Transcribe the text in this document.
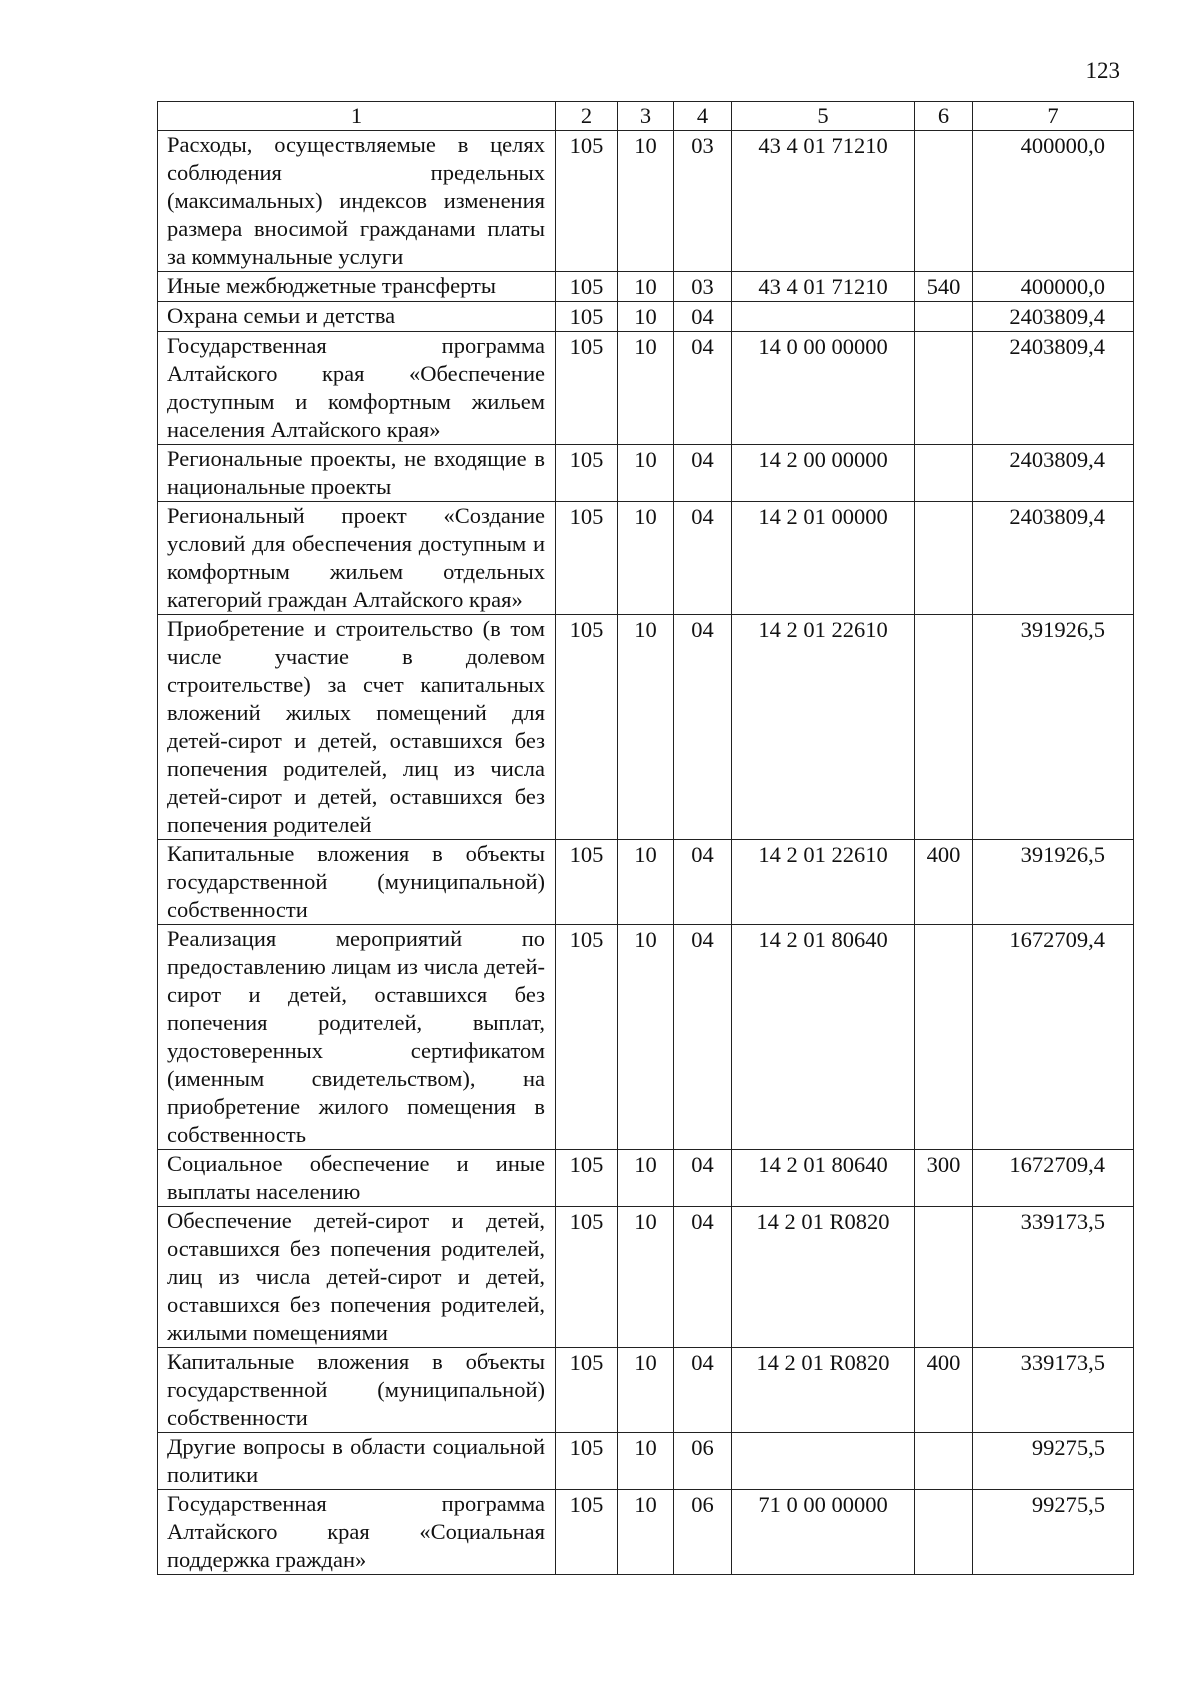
123
1	2	3	4	5	6	7
Расходы, осуществляемые в целях соблюдения предельных (максимальных) индексов изменения размера вносимой гражданами платы за коммунальные услуги	105	10	03	43 4 01 71210		400000,0
Иные межбюджетные трансферты	105	10	03	43 4 01 71210	540	400000,0
Охрана семьи и детства	105	10	04			2403809,4
Государственная программа Алтайского края «Обеспечение доступным и комфортным жильем населения Алтайского края»	105	10	04	14 0 00 00000		2403809,4
Региональные проекты, не входящие в национальные проекты	105	10	04	14 2 00 00000		2403809,4
Региональный проект «Создание условий для обеспечения доступным и комфортным жильем отдельных категорий граждан Алтайского края»	105	10	04	14 2 01 00000		2403809,4
Приобретение и строительство (в том числе участие в долевом строительстве) за счет капитальных вложений жилых помещений для детей-сирот и детей, оставшихся без попечения родителей, лиц из числа детей-сирот и детей, оставшихся без попечения родителей	105	10	04	14 2 01 22610		391926,5
Капитальные вложения в объекты государственной (муниципальной) собственности	105	10	04	14 2 01 22610	400	391926,5
Реализация мероприятий по предоставлению лицам из числа детей-сирот и детей, оставшихся без попечения родителей, выплат, удостоверенных сертификатом (именным свидетельством), на приобретение жилого помещения в собственность	105	10	04	14 2 01 80640		1672709,4
Социальное обеспечение и иные выплаты населению	105	10	04	14 2 01 80640	300	1672709,4
Обеспечение детей-сирот и детей, оставшихся без попечения родителей, лиц из числа детей-сирот и детей, оставшихся без попечения родителей, жилыми помещениями	105	10	04	14 2 01 R0820		339173,5
Капитальные вложения в объекты государственной (муниципальной) собственности	105	10	04	14 2 01 R0820	400	339173,5
Другие вопросы в области социальной политики	105	10	06			99275,5
Государственная программа Алтайского края «Социальная поддержка граждан»	105	10	06	71 0 00 00000		99275,5
